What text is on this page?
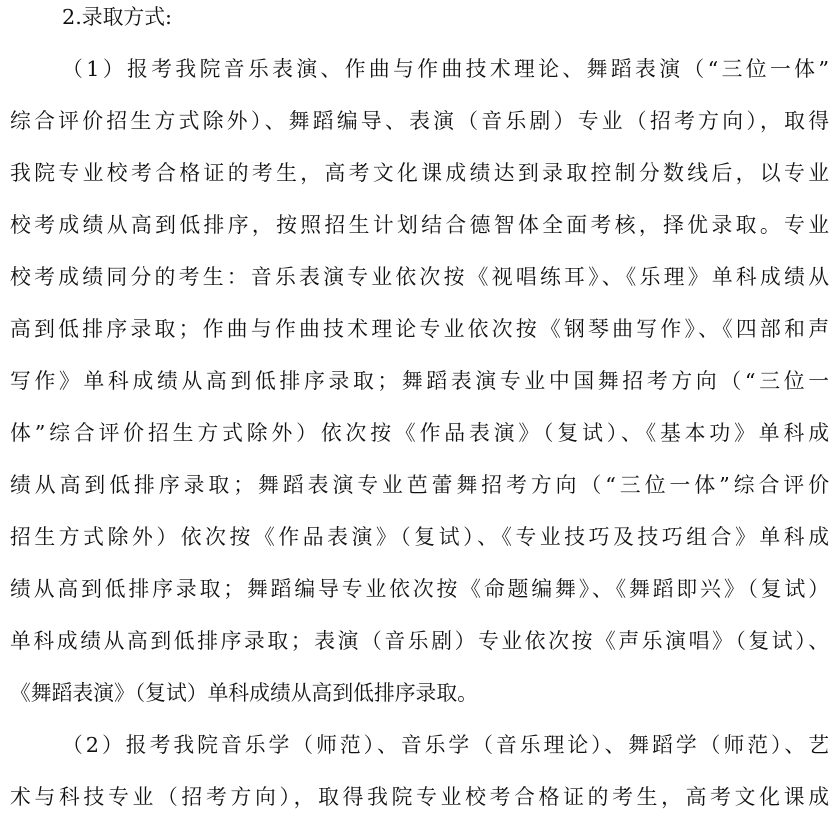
2.录取方式:
（1）报考我院音乐表演、作曲与作曲技术理论、舞蹈表演（“三位一体”
综合评价招生方式除外）、舞蹈编导、表演（音乐剧）专业（招考方向），取得
我院专业校考合格证的考生，高考文化课成绩达到录取控制分数线后，以专业
校考成绩从高到低排序，按照招生计划结合德智体全面考核，择优录取。专业
校考成绩同分的考生：音乐表演专业依次按《视唱练耳》、《乐理》单科成绩从
高到低排序录取；作曲与作曲技术理论专业依次按《钢琴曲写作》、《四部和声
写作》单科成绩从高到低排序录取；舞蹈表演专业中国舞招考方向（“三位一
体”综合评价招生方式除外）依次按《作品表演》（复试）、《基本功》单科成
绩从高到低排序录取；舞蹈表演专业芭蕾舞招考方向（“三位一体”综合评价
招生方式除外）依次按《作品表演》（复试）、《专业技巧及技巧组合》单科成
绩从高到低排序录取；舞蹈编导专业依次按《命题编舞》、《舞蹈即兴》（复试）
单科成绩从高到低排序录取；表演（音乐剧）专业依次按《声乐演唱》（复试）、
《舞蹈表演》（复试）单科成绩从高到低排序录取。
（2）报考我院音乐学（师范）、音乐学（音乐理论）、舞蹈学（师范）、艺
术与科技专业（招考方向），取得我院专业校考合格证的考生，高考文化课成
